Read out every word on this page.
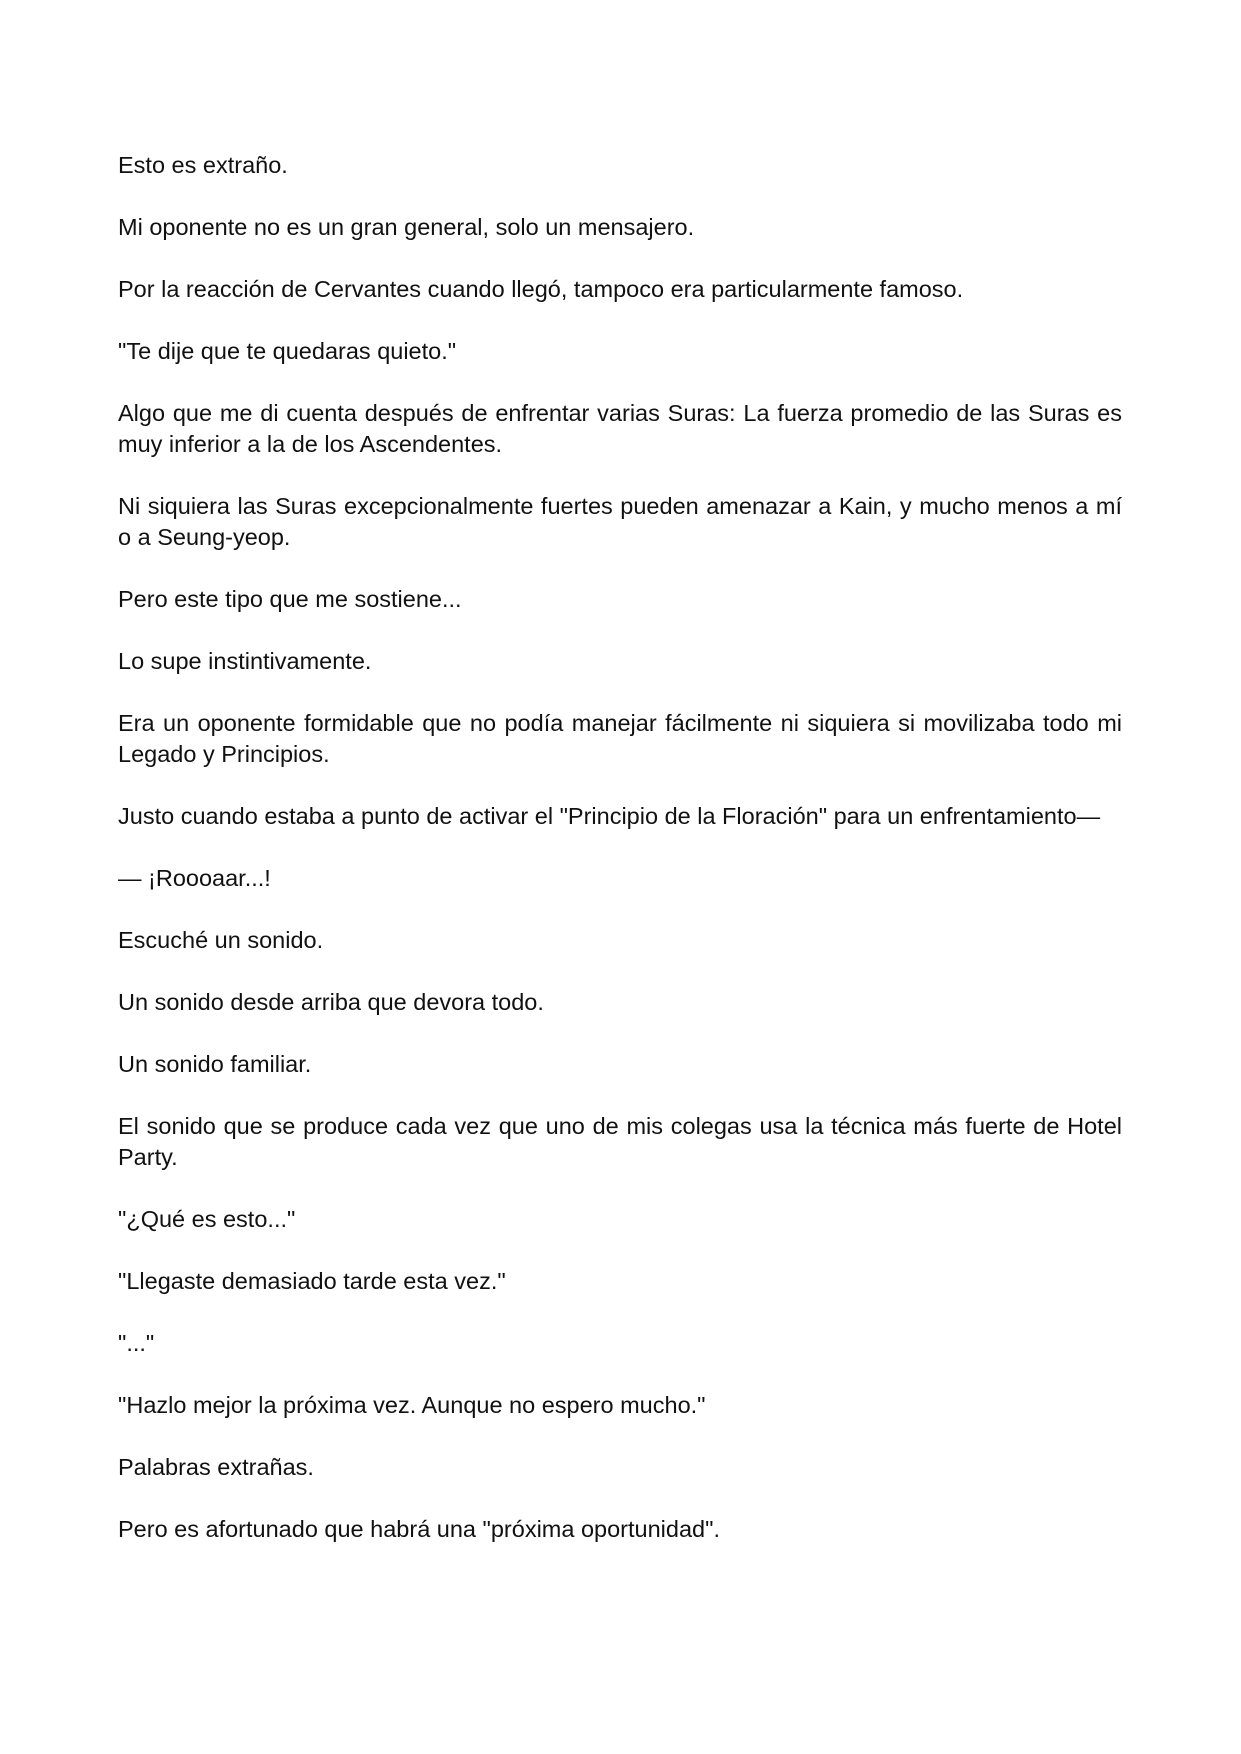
Esto es extraño.

Mi oponente no es un gran general, solo un mensajero.

Por la reacción de Cervantes cuando llegó, tampoco era particularmente famoso.

"Te dije que te quedaras quieto."

Algo que me di cuenta después de enfrentar varias Suras: La fuerza promedio de las Suras es muy inferior a la de los Ascendentes.

Ni siquiera las Suras excepcionalmente fuertes pueden amenazar a Kain, y mucho menos a mí o a Seung-yeop.

Pero este tipo que me sostiene...

Lo supe instintivamente.

Era un oponente formidable que no podía manejar fácilmente ni siquiera si movilizaba todo mi Legado y Principios.

Justo cuando estaba a punto de activar el "Principio de la Floración" para un enfrentamiento—

— ¡Roooaar...!

Escuché un sonido.

Un sonido desde arriba que devora todo.

Un sonido familiar.

El sonido que se produce cada vez que uno de mis colegas usa la técnica más fuerte de Hotel Party.

"¿Qué es esto..."

"Llegaste demasiado tarde esta vez."

"..."

"Hazlo mejor la próxima vez. Aunque no espero mucho."

Palabras extrañas.

Pero es afortunado que habrá una "próxima oportunidad".
